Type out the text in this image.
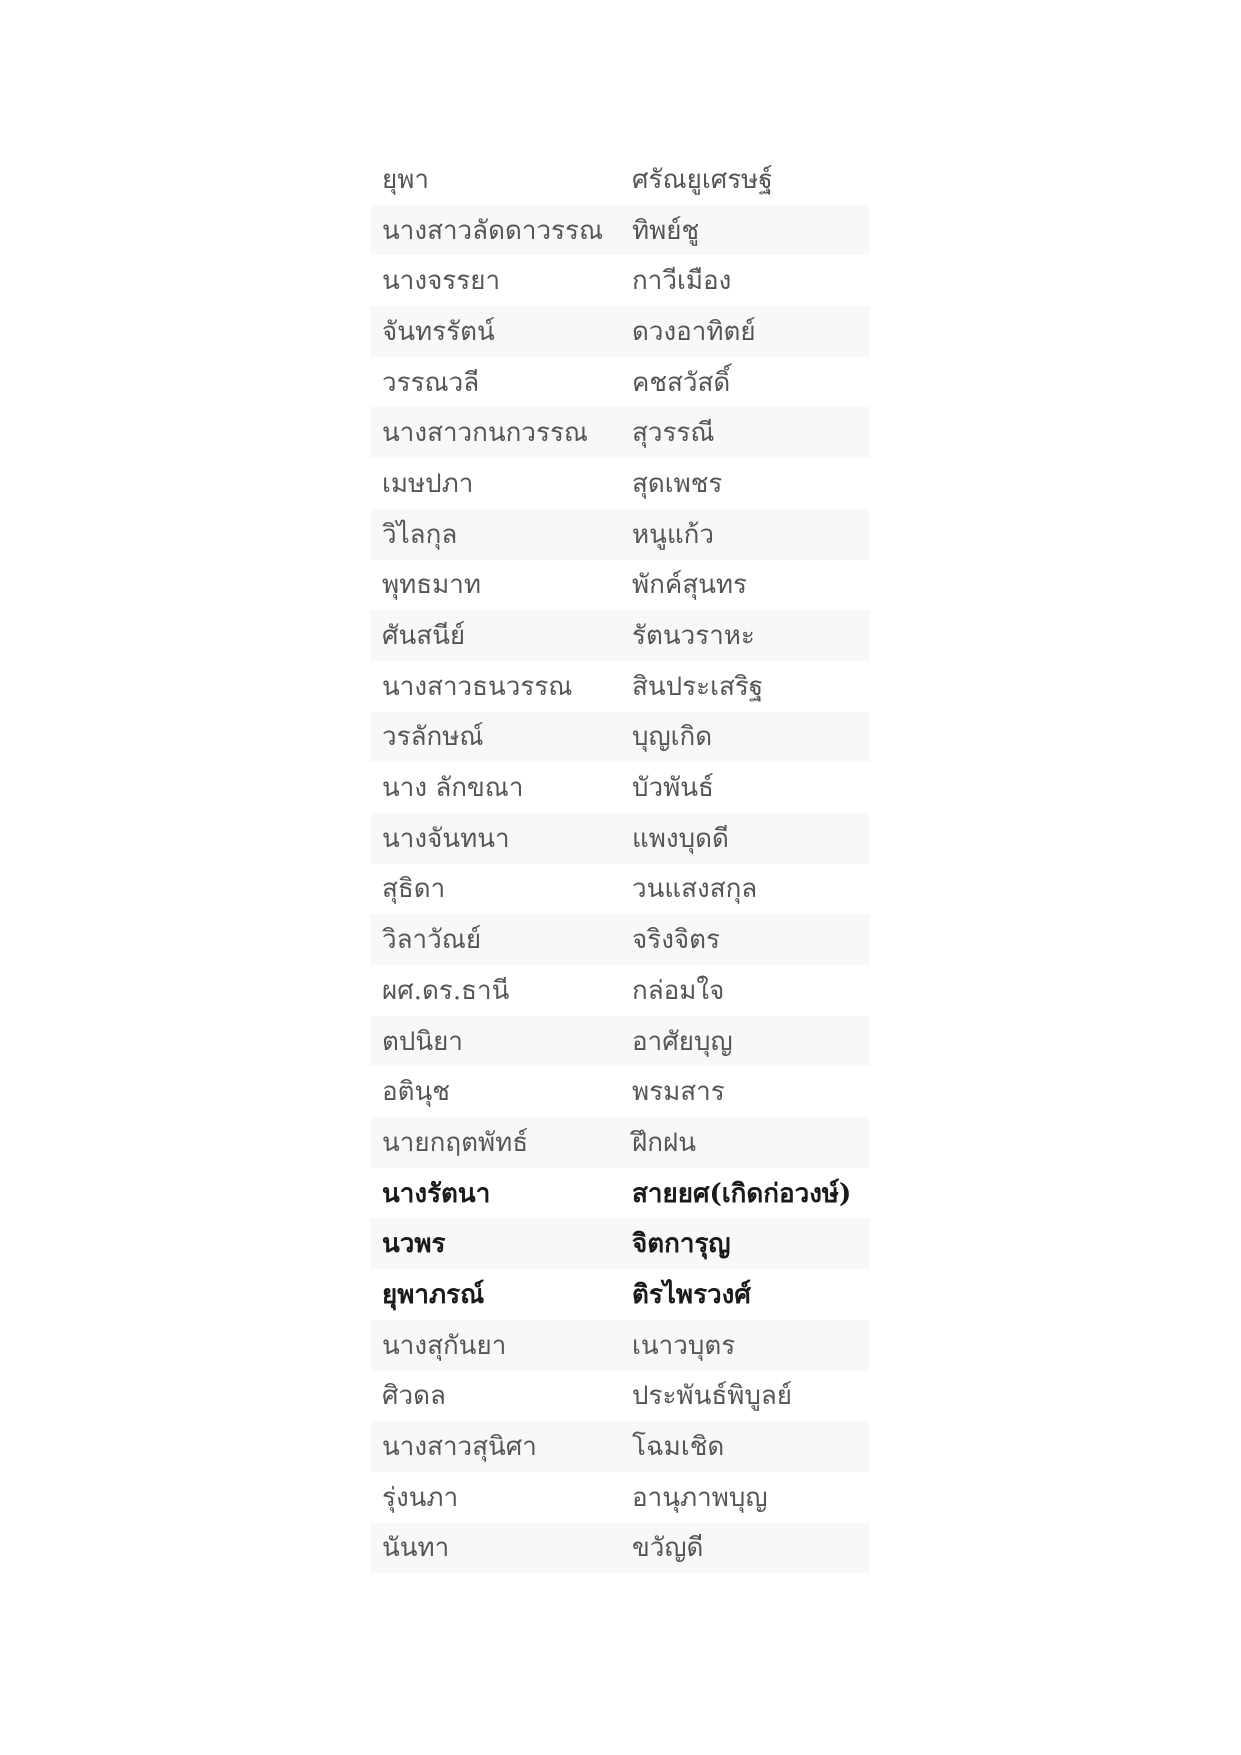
ยุพา	ศรัณยูเศรษฐ์
นางสาวลัดดาวรรณ	ทิพย์ชู
นางจรรยา	กาวีเมือง
จันทรรัตน์	ดวงอาทิตย์
วรรณวลี	คชสวัสดิ์
นางสาวกนกวรรณ	สุวรรณี
เมษปภา	สุดเพชร
วิไลกุล	หนูแก้ว
พุทธมาท	พักค์สุนทร
ศันสนีย์	รัตนวราหะ
นางสาวธนวรรณ	สินประเสริฐ
วรลักษณ์	บุญเกิด
นาง ลักขณา	บัวพันธ์
นางจันทนา	แพงบุดดี
สุธิดา	วนแสงสกุล
วิลาวัณย์	จริงจิตร
ผศ.ดร.ธานี	กล่อมใจ
ตปนิยา	อาศัยบุญ
อตินุช	พรมสาร
นายกฤตพัทธ์	ฝึกฝน
นางรัตนา	สายยศ(เกิดก่อวงษ์)
นวพร	จิตการุญ
ยุพาภรณ์	ติรไพรวงศ์
นางสุกันยา	เนาวบุตร
ศิวดล	ประพันธ์พิบูลย์
นางสาวสุนิศา	โฉมเชิด
รุ่งนภา	อานุภาพบุญ
นันทา	ขวัญดี
